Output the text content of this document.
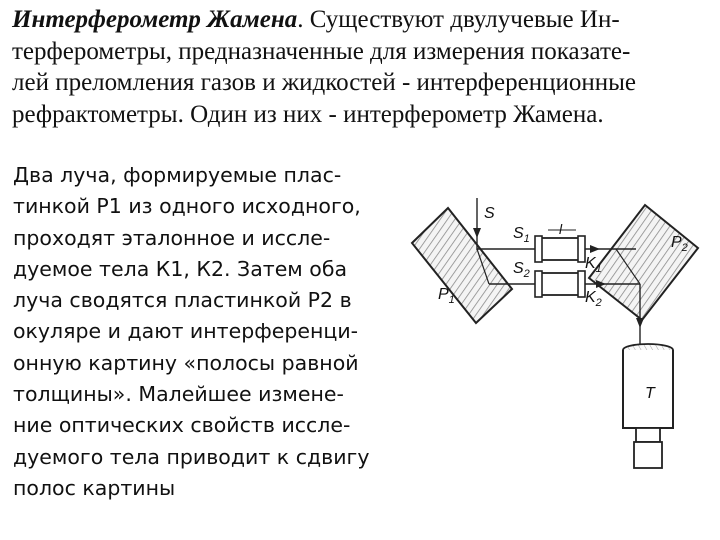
Интерферометр Жамена. Существуют двулучевые Ин-
терферометры, предназначенные для измерения показате-
лей преломления газов и жидкостей - интерференционные
рефрактометры. Один из них - интерферометр Жамена.
Два луча, формируемые плас-
тинкой Р1 из одного исходного,
проходят эталонное и иссле-
дуемое тела К1, К2. Затем оба
луча сводятся пластинкой Р2 в
окуляре и дают интерференци-
онную картину «полосы равной
толщины». Малейшее измене-
ние оптических свойств иссле-
дуемого тела приводит к сдвигу
полос картины
S
$S_1$
$S_2$
l
$K_1$
$K_2$
$P_1$
$P_2$
T
